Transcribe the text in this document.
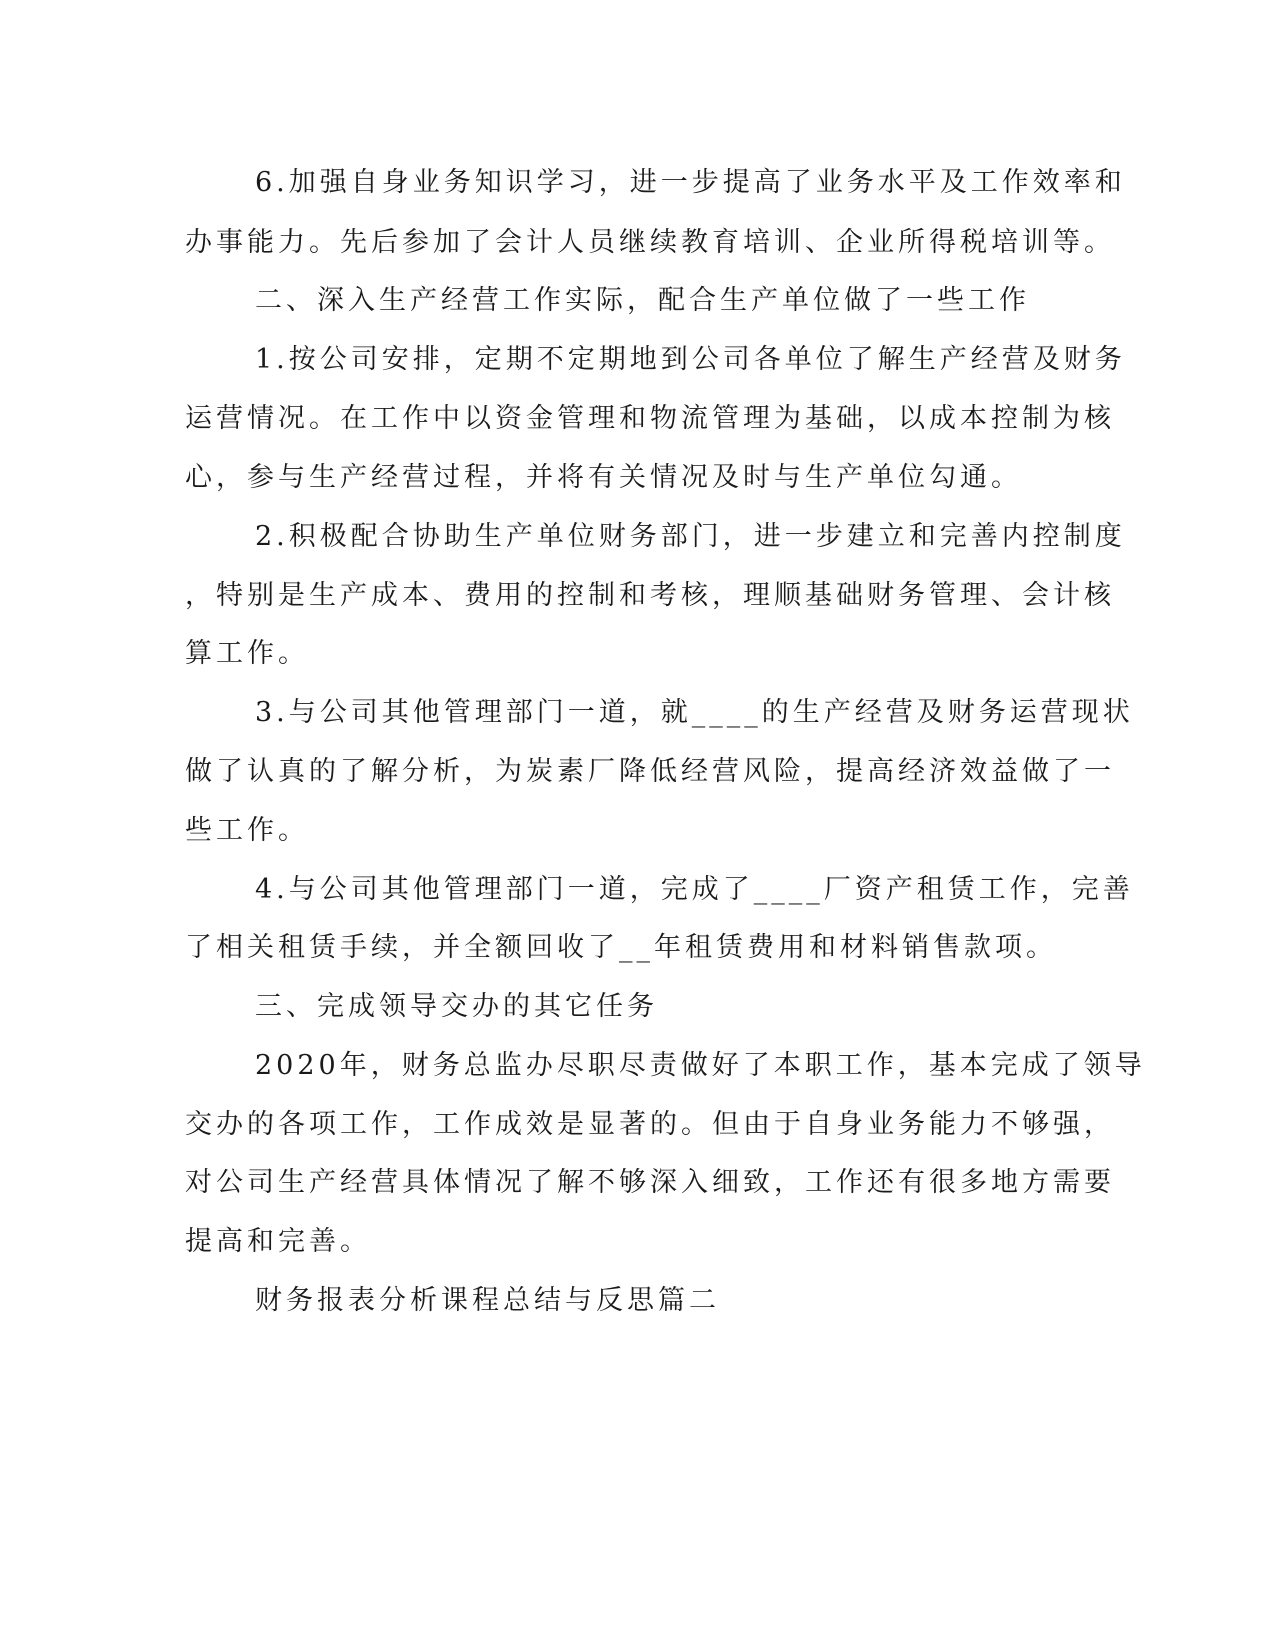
6.加强自身业务知识学习，进一步提高了业务水平及工作效率和
办事能力。先后参加了会计人员继续教育培训、企业所得税培训等。
二、深入生产经营工作实际，配合生产单位做了一些工作
1.按公司安排，定期不定期地到公司各单位了解生产经营及财务
运营情况。在工作中以资金管理和物流管理为基础，以成本控制为核
心，参与生产经营过程，并将有关情况及时与生产单位勾通。
2.积极配合协助生产单位财务部门，进一步建立和完善内控制度
，特别是生产成本、费用的控制和考核，理顺基础财务管理、会计核
算工作。
3.与公司其他管理部门一道，就____的生产经营及财务运营现状
做了认真的了解分析，为炭素厂降低经营风险，提高经济效益做了一
些工作。
4.与公司其他管理部门一道，完成了____厂资产租赁工作，完善
了相关租赁手续，并全额回收了__年租赁费用和材料销售款项。
三、完成领导交办的其它任务
2020年，财务总监办尽职尽责做好了本职工作，基本完成了领导
交办的各项工作，工作成效是显著的。但由于自身业务能力不够强，
对公司生产经营具体情况了解不够深入细致，工作还有很多地方需要
提高和完善。
财务报表分析课程总结与反思篇二
